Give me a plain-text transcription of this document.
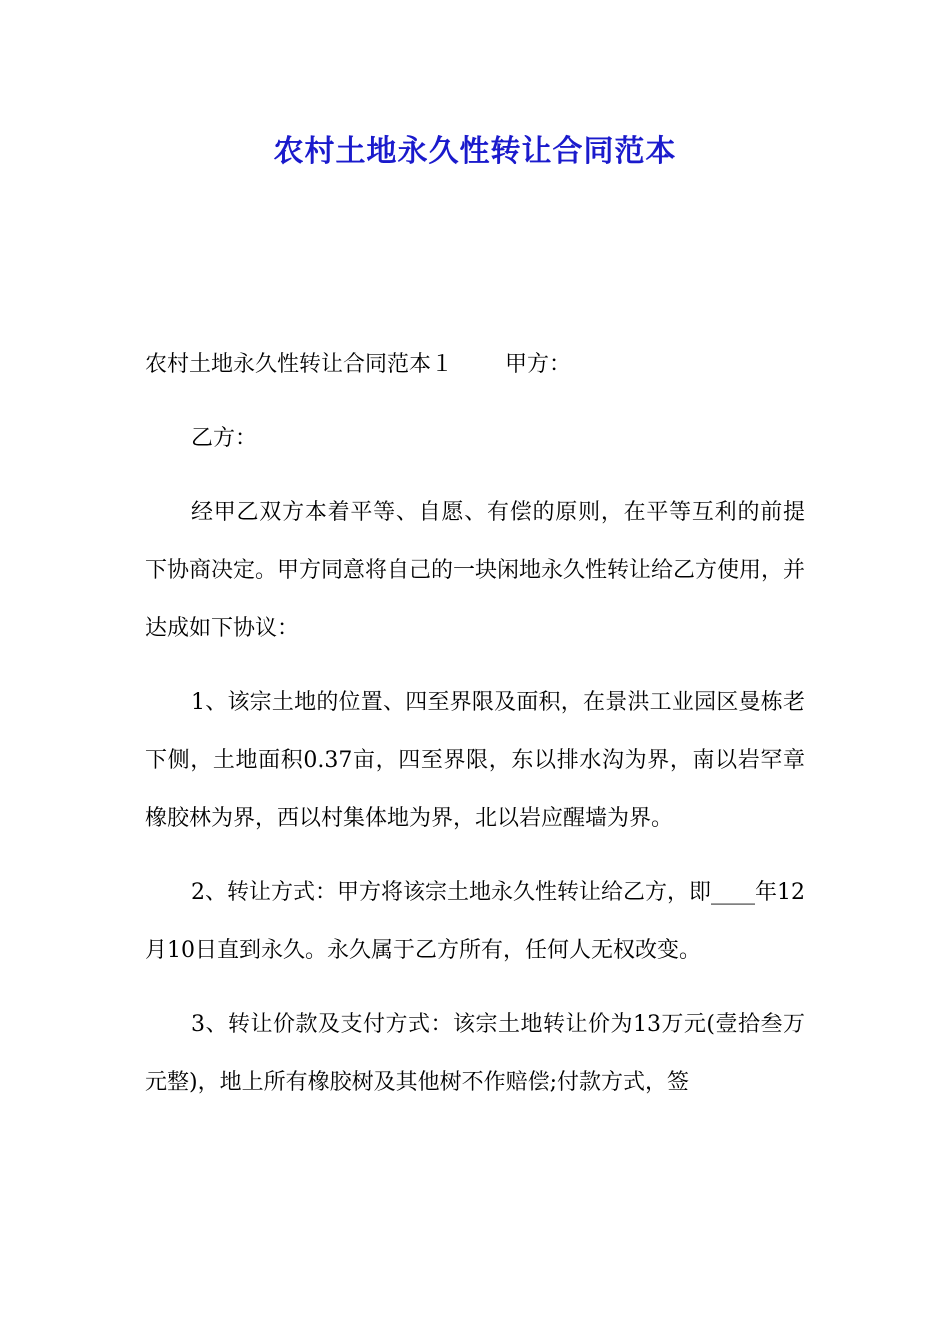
农村土地永久性转让合同范本

农村土地永久性转让合同范本１ 甲方：

乙方：

经甲乙双方本着平等、自愿、有偿的原则，在平等互利的前提下协商决定。甲方同意将自己的一块闲地永久性转让给乙方使用，并达成如下协议：

1、该宗土地的位置、四至界限及面积，在景洪工业园区曼栋老下侧，土地面积0.37亩，四至界限，东以排水沟为界，南以岩罕章橡胶林为界，西以村集体地为界，北以岩应醒墙为界。

2、转让方式：甲方将该宗土地永久性转让给乙方，即____年12月10日直到永久。永久属于乙方所有，任何人无权改变。

3、转让价款及支付方式：该宗土地转让价为13万元(壹拾叁万元整)，地上所有橡胶树及其他树不作赔偿;付款方式，签
